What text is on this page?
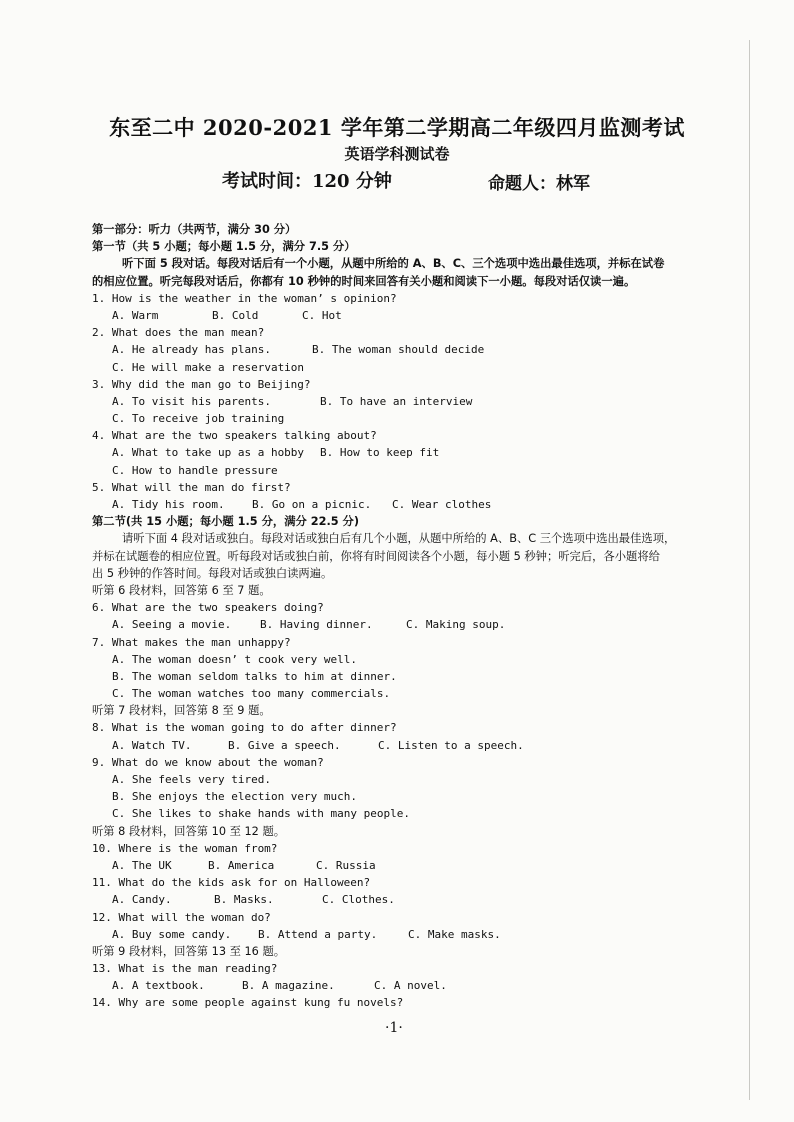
东至二中 2020-2021 学年第二学期高二年级四月监测考试
英语学科测试卷
考试时间：120 分钟	命题人：林军
第一部分：听力（共两节，满分 30 分）
第一节（共 5 小题；每小题 1.5 分，满分 7.5 分）
听下面 5 段对话。每段对话后有一个小题，从题中所给的 A、B、C、三个选项中选出最佳选项，并标在试卷
的相应位置。听完每段对话后，你都有 10 秒钟的时间来回答有关小题和阅读下一小题。每段对话仅读一遍。
1. How is the weather in the woman’ s opinion?
A. Warm	B. Cold	C. Hot
2. What does the man mean?
A. He already has plans.	B. The woman should decide
C. He will make a reservation
3. Why did the man go to Beijing?
A. To visit his parents.	B. To have an interview
C. To receive job training
4. What are the two speakers talking about?
A. What to take up as a hobby B. How to keep fit
C. How to handle pressure
5. What will the man do first?
A. Tidy his room. B. Go on a picnic. C. Wear clothes
第二节(共 15 小题；每小题 1.5 分，满分 22.5 分)
请听下面 4 段对话或独白。每段对话或独白后有几个小题，从题中所给的 A、B、C 三个选项中选出最佳选项，
并标在试题卷的相应位置。听每段对话或独白前，你将有时间阅读各个小题，每小题 5 秒钟；听完后，各小题将给
出 5 秒钟的作答时间。每段对话或独白读两遍。
听第 6 段材料，回答第 6 至 7 题。
6. What are the two speakers doing?
A. Seeing a movie.	B. Having dinner.	C. Making soup.
7. What makes the man unhappy?
A. The woman doesn’ t cook very well.
B. The woman seldom talks to him at dinner.
C. The woman watches too many commercials.
听第 7 段材料，回答第 8 至 9 题。
8. What is the woman going to do after dinner?
A. Watch TV.	B. Give a speech.	C. Listen to a speech.
9. What do we know about the woman?
A. She feels very tired.
B. She enjoys the election very much.
C. She likes to shake hands with many people.
听第 8 段材料，回答第 10 至 12 题。
10. Where is the woman from?
A. The UK	B. America	C. Russia
11. What do the kids ask for on Halloween?
A. Candy.	B. Masks.	C. Clothes.
12. What will the woman do?
A. Buy some candy. B. Attend a party.	C. Make masks.
听第 9 段材料，回答第 13 至 16 题。
13. What is the man reading?
A. A textbook.	B. A magazine.	C. A novel.
14. Why are some people against kung fu novels?
·1·
